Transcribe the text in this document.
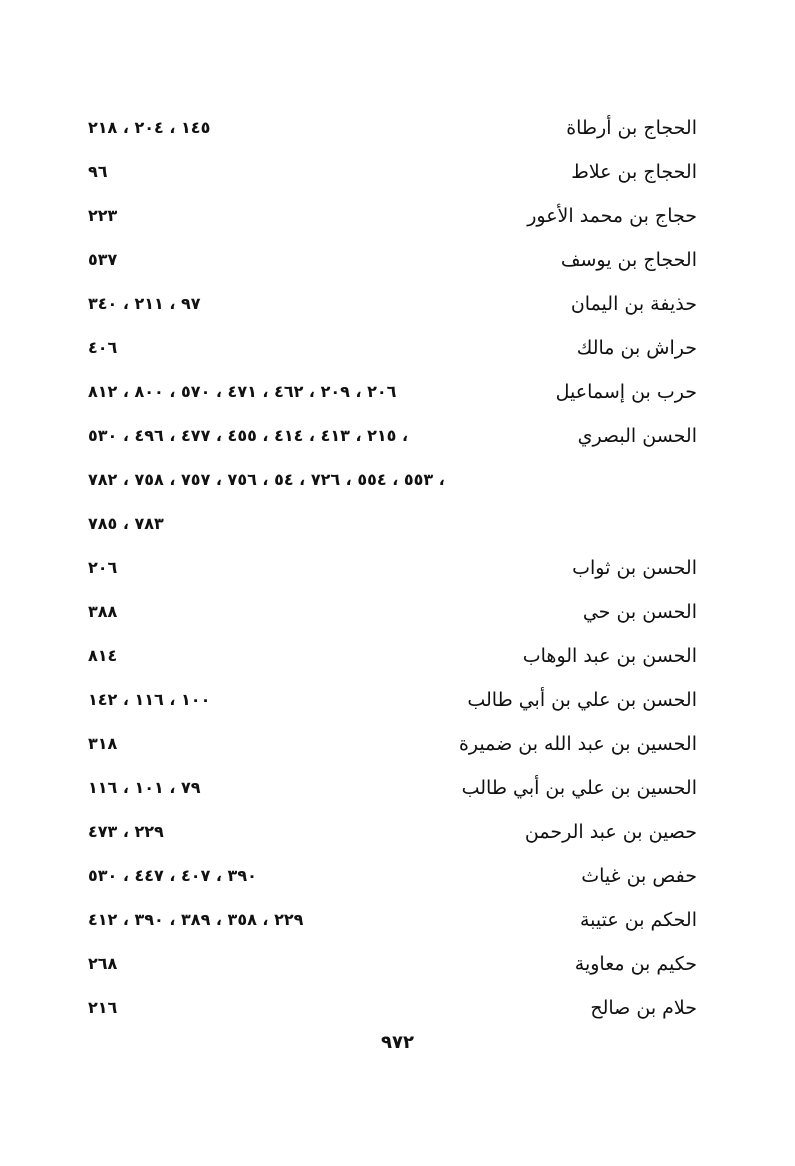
الحجاج بن أرطاة
١٤٥ ، ٢٠٤ ، ٢١٨
الحجاج بن علاط
٩٦
حجاج بن محمد الأعور
٢٢٣
الحجاج بن يوسف
٥٣٧
حذيفة بن اليمان
٩٧ ، ٢١١ ، ٣٤٠
حراش بن مالك
٤٠٦
حرب بن إسماعيل
٢٠٦ ، ٢٠٩ ، ٤٦٢ ، ٤٧١ ، ٥٧٠ ، ٨٠٠ ، ٨١٢
الحسن البصري
٢١٥ ، ٤١٣ ، ٤١٤ ، ٤٥٥ ، ٤٧٧ ، ٤٩٦ ، ٥٣٠ ،
٥٥٣ ، ٥٥٤ ، ٧٢٦ ، ٥٤ ، ٧٥٦ ، ٧٥٧ ، ٧٥٨ ، ٧٨٢ ،
٧٨٣ ، ٧٨٥
الحسن بن ثواب
٢٠٦
الحسن بن حي
٣٨٨
الحسن بن عبد الوهاب
٨١٤
الحسن بن علي بن أبي طالب
١٠٠ ، ١١٦ ، ١٤٢
الحسين بن عبد الله بن ضميرة
٣١٨
الحسين بن علي بن أبي طالب
٧٩ ، ١٠١ ، ١١٦
حصين بن عبد الرحمن
٢٢٩ ، ٤٧٣
حفص بن غياث
٣٩٠ ، ٤٠٧ ، ٤٤٧ ، ٥٣٠
الحكم بن عتيبة
٢٢٩ ، ٣٥٨ ، ٣٨٩ ، ٣٩٠ ، ٤١٢
حكيم بن معاوية
٢٦٨
حلام بن صالح
٢١٦
٩٧٢
